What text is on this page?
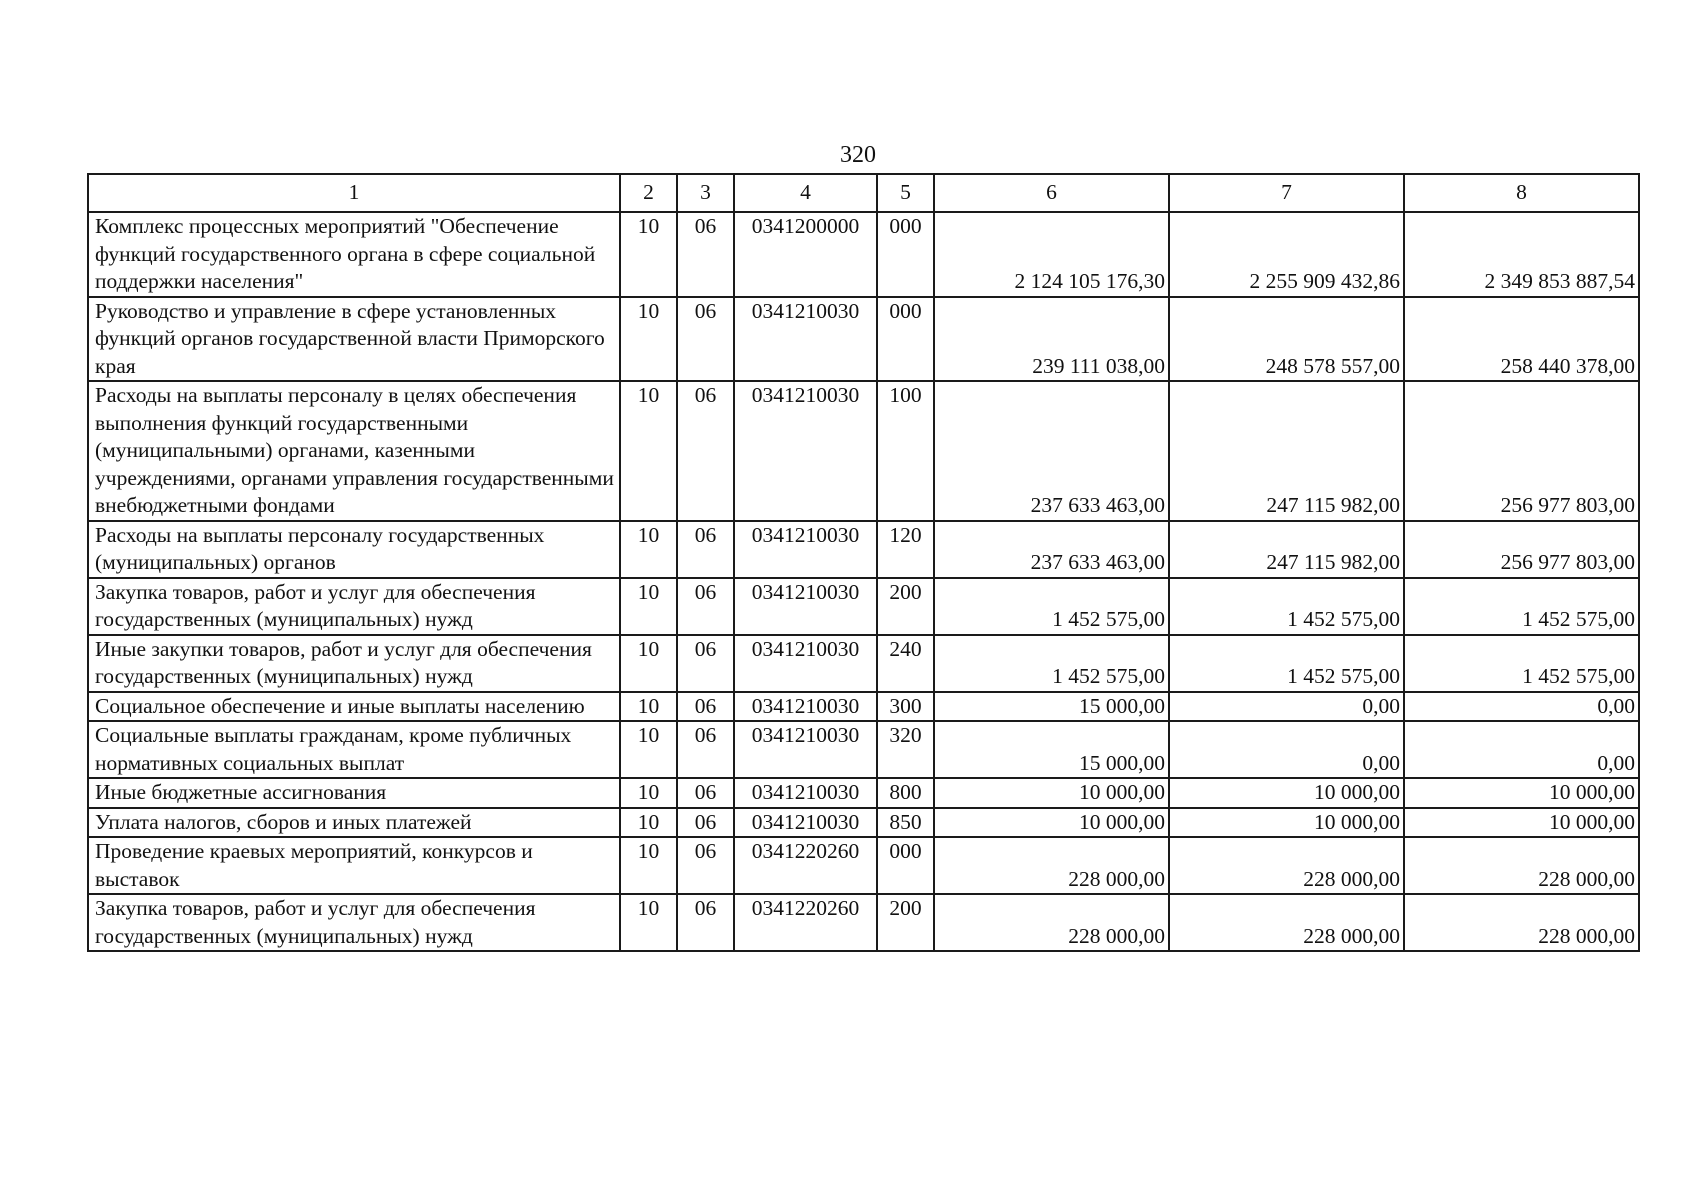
320
1	2	3	4	5	6	7	8
Комплекс процессных мероприятий "Обеспечение функций государственного органа в сфере социальной поддержки населения"	10	06	0341200000	000	2 124 105 176,30	2 255 909 432,86	2 349 853 887,54
Руководство и управление в сфере установленных функций органов государственной власти Приморского края	10	06	0341210030	000	239 111 038,00	248 578 557,00	258 440 378,00
Расходы на выплаты персоналу в целях обеспечения выполнения функций государственными (муниципальными) органами, казенными учреждениями, органами управления государственными внебюджетными фондами	10	06	0341210030	100	237 633 463,00	247 115 982,00	256 977 803,00
Расходы на выплаты персоналу государственных (муниципальных) органов	10	06	0341210030	120	237 633 463,00	247 115 982,00	256 977 803,00
Закупка товаров, работ и услуг для обеспечения государственных (муниципальных) нужд	10	06	0341210030	200	1 452 575,00	1 452 575,00	1 452 575,00
Иные закупки товаров, работ и услуг для обеспечения государственных (муниципальных) нужд	10	06	0341210030	240	1 452 575,00	1 452 575,00	1 452 575,00
Социальное обеспечение и иные выплаты населению	10	06	0341210030	300	15 000,00	0,00	0,00
Социальные выплаты гражданам, кроме публичных нормативных социальных выплат	10	06	0341210030	320	15 000,00	0,00	0,00
Иные бюджетные ассигнования	10	06	0341210030	800	10 000,00	10 000,00	10 000,00
Уплата налогов, сборов и иных платежей	10	06	0341210030	850	10 000,00	10 000,00	10 000,00
Проведение краевых мероприятий, конкурсов и выставок	10	06	0341220260	000	228 000,00	228 000,00	228 000,00
Закупка товаров, работ и услуг для обеспечения государственных (муниципальных) нужд	10	06	0341220260	200	228 000,00	228 000,00	228 000,00
